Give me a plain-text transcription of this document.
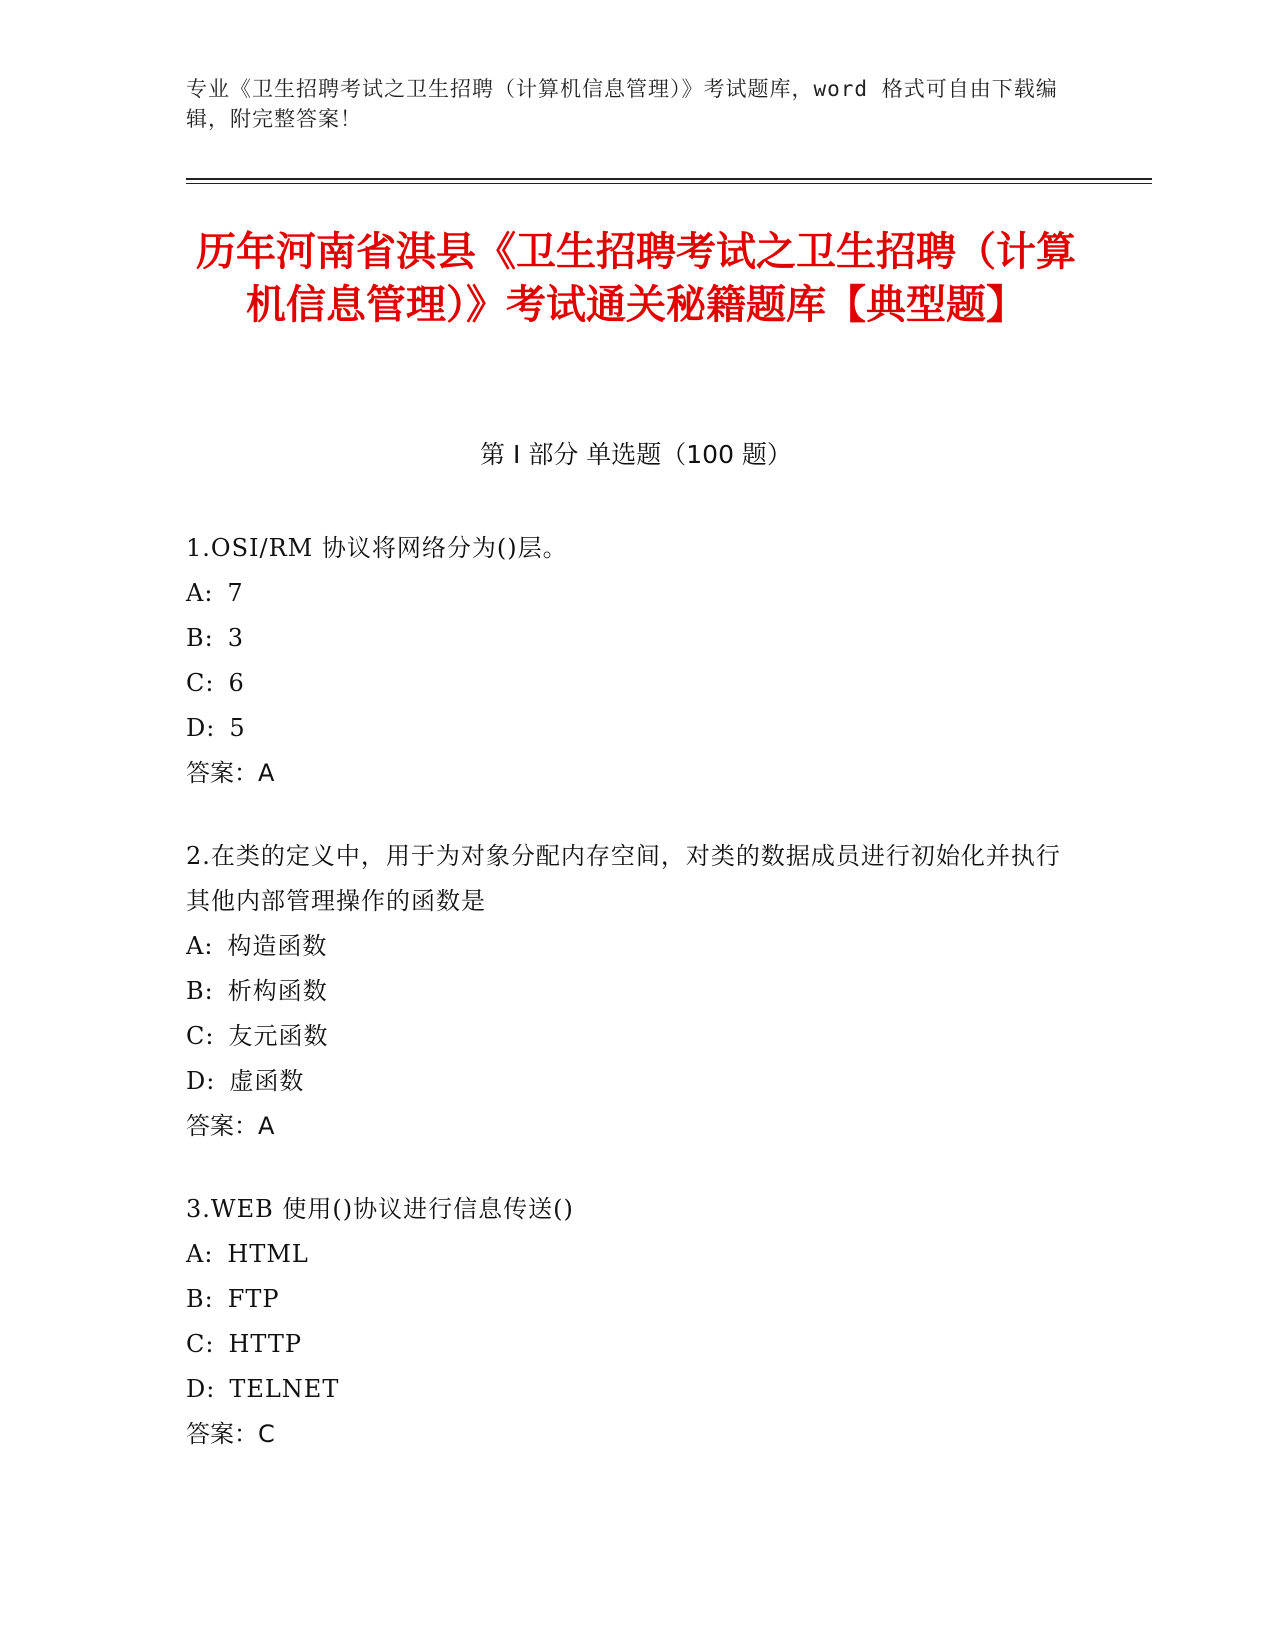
专业《卫生招聘考试之卫生招聘（计算机信息管理）》考试题库，word 格式可自由下载编辑，附完整答案！
历年河南省淇县《卫生招聘考试之卫生招聘（计算机信息管理）》考试通关秘籍题库【典型题】
第 I 部分 单选题（100 题）
1.OSI/RM 协议将网络分为()层。
A: 7
B: 3
C: 6
D: 5
答案：A
2.在类的定义中，用于为对象分配内存空间，对类的数据成员进行初始化并执行其他内部管理操作的函数是
A: 构造函数
B: 析构函数
C: 友元函数
D: 虚函数
答案：A
3.WEB 使用()协议进行信息传送()
A: HTML
B: FTP
C: HTTP
D: TELNET
答案：C
